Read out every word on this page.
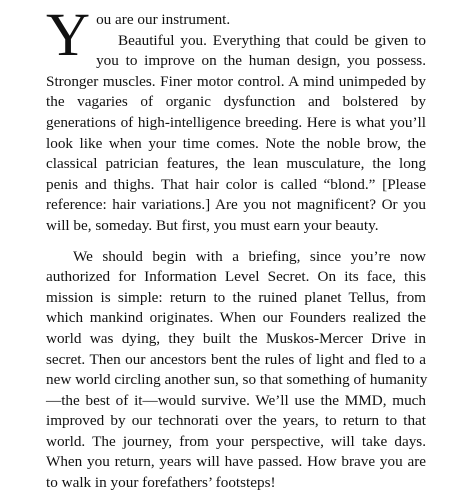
Y ou are our instrument.
Beautiful you. Everything that could be given to
you to improve on the human design, you possess.
Stronger muscles. Finer motor control. A mind unimpeded by
the vagaries of organic dysfunction and bolstered by
generations of high-intelligence breeding. Here is what you’ll
look like when your time comes. Note the noble brow, the
classical patrician features, the lean musculature, the long
penis and thighs. That hair color is called “blond.” [Please
reference: hair variations.] Are you not magnificent? Or you
will be, someday. But first, you must earn your beauty.
We should begin with a briefing, since you’re now
authorized for Information Level Secret. On its face, this
mission is simple: return to the ruined planet Tellus, from
which mankind originates. When our Founders realized the
world was dying, they built the Muskos-Mercer Drive in
secret. Then our ancestors bent the rules of light and fled to a
new world circling another sun, so that something of humanity
—the best of it—would survive. We’ll use the MMD, much
improved by our technorati over the years, to return to that
world. The journey, from your perspective, will take days.
When you return, years will have passed. How brave you are
to walk in your forefathers’ footsteps!
